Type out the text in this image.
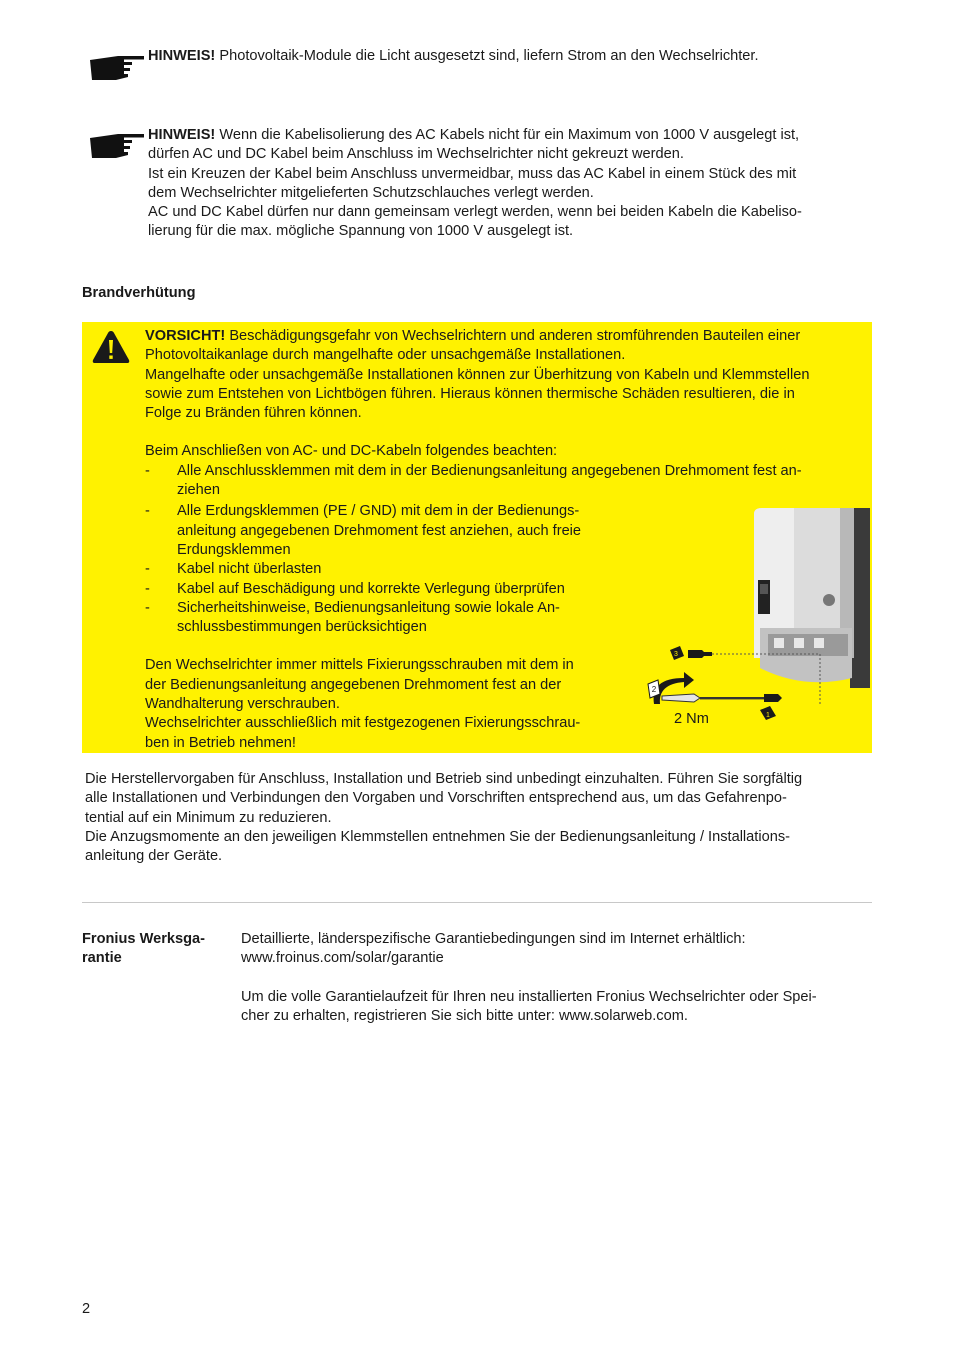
HINWEIS! Photovoltaik-Module die Licht ausgesetzt sind, liefern Strom an den Wechselrichter.

HINWEIS! Wenn die Kabelisolierung des AC Kabels nicht für ein Maximum von 1000 V ausgelegt ist,

dürfen AC und DC Kabel beim Anschluss im Wechselrichter nicht gekreuzt werden.

Ist ein Kreuzen der Kabel beim Anschluss unvermeidbar, muss das AC Kabel in einem Stück des mit

dem Wechselrichter mitgelieferten Schutzschlauches verlegt werden.

AC und DC Kabel dürfen nur dann gemeinsam verlegt werden, wenn bei beiden Kabeln die Kabeliso-

lierung für die max. mögliche Spannung von 1000 V ausgelegt ist.

Brandverhütung

VORSICHT! Beschädigungsgefahr von Wechselrichtern und anderen stromführenden Bauteilen einer

Photovoltaikanlage durch mangelhafte oder unsachgemäße Installationen.

Mangelhafte oder unsachgemäße Installationen können zur Überhitzung von Kabeln und Klemmstellen

sowie zum Entstehen von Lichtbögen führen. Hieraus können thermische Schäden resultieren, die in

Folge zu Bränden führen können.

Beim Anschließen von AC- und DC-Kabeln folgendes beachten:

- Alle Anschlussklemmen mit dem in der Bedienungsanleitung angegebenen Drehmoment fest an-

ziehen

- Alle Erdungsklemmen (PE / GND) mit dem in der Bedienungs-

anleitung angegebenen Drehmoment fest anziehen, auch freie

Erdungsklemmen

- Kabel nicht überlasten

- Kabel auf Beschädigung und korrekte Verlegung überprüfen

- Sicherheitshinweise, Bedienungsanleitung sowie lokale An-

schlussbestimmungen berücksichtigen

Den Wechselrichter immer mittels Fixierungsschrauben mit dem in

der Bedienungsanleitung angegebenen Drehmoment fest an der

Wandhalterung verschrauben.

Wechselrichter ausschließlich mit festgezogenen Fixierungsschrau-

ben in Betrieb nehmen!

3
2
1
2 Nm

Die Herstellervorgaben für Anschluss, Installation und Betrieb sind unbedingt einzuhalten. Führen Sie sorgfältig

alle Installationen und Verbindungen den Vorgaben und Vorschriften entsprechend aus, um das Gefahrenpo-

tential auf ein Minimum zu reduzieren.

Die Anzugsmomente an den jeweiligen Klemmstellen entnehmen Sie der Bedienungsanleitung / Installations-

anleitung der Geräte.

Fronius Werksga-
rantie

Detaillierte, länderspezifische Garantiebedingungen sind im Internet erhältlich:

www.froinus.com/solar/garantie

Um die volle Garantielaufzeit für Ihren neu installierten Fronius Wechselrichter oder Spei-

cher zu erhalten, registrieren Sie sich bitte unter: www.solarweb.com.

2
